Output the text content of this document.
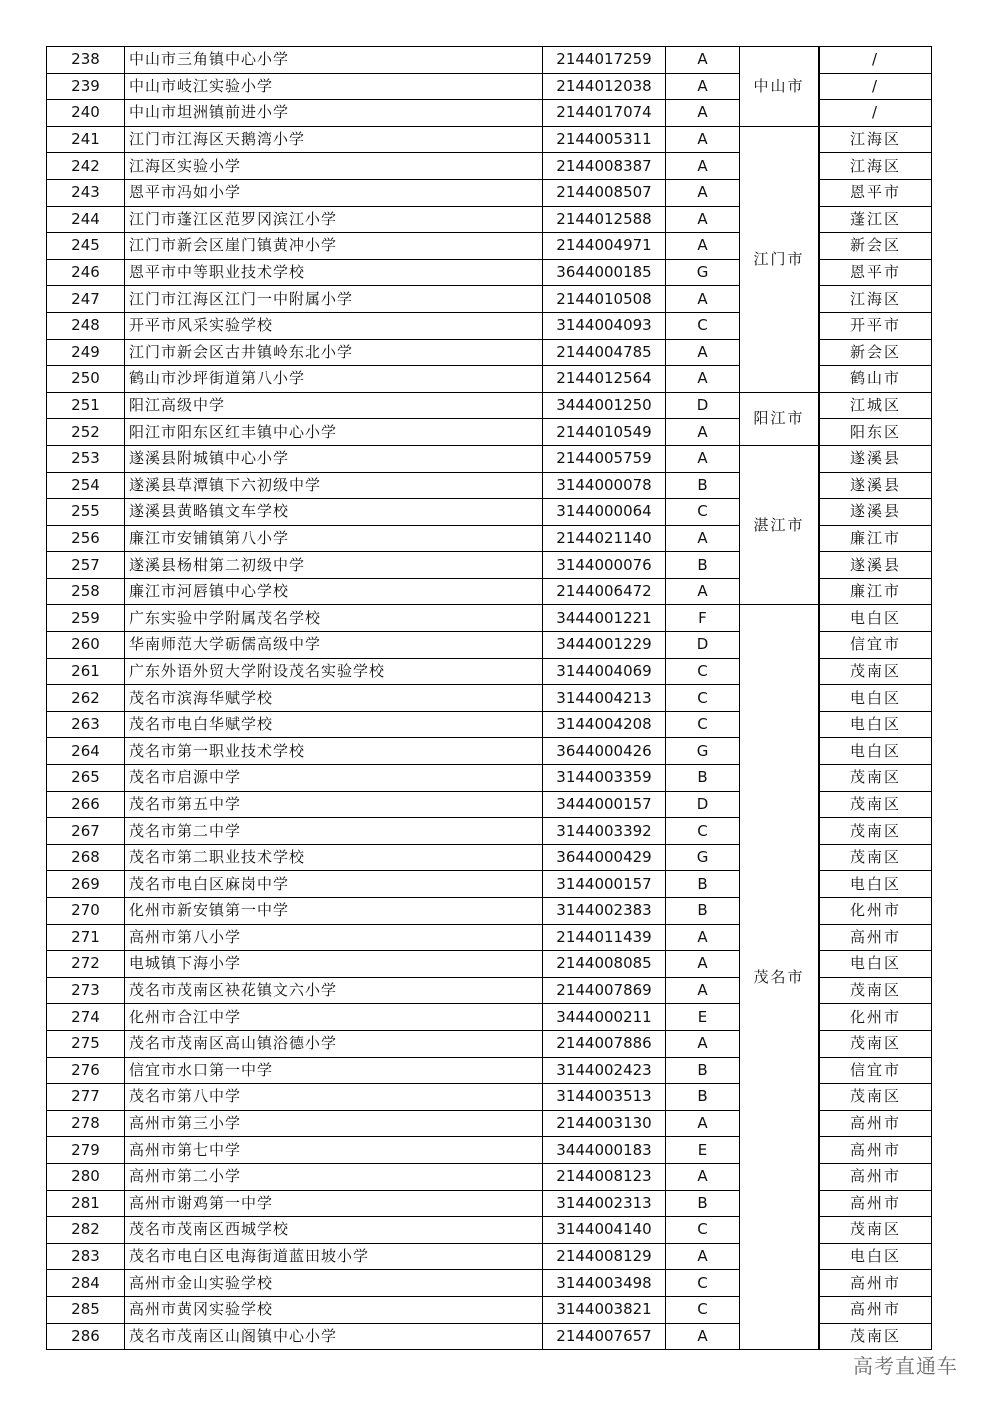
238	中山市三角镇中心小学	2144017259	A	中山市		/
239	中山市岐江实验小学	2144012038	A		/
240	中山市坦洲镇前进小学	2144017074	A		/
241	江门市江海区天鹅湾小学	2144005311	A	江门市		江海区
242	江海区实验小学	2144008387	A		江海区
243	恩平市冯如小学	2144008507	A		恩平市
244	江门市蓬江区范罗冈滨江小学	2144012588	A		蓬江区
245	江门市新会区崖门镇黄冲小学	2144004971	A		新会区
246	恩平市中等职业技术学校	3644000185	G		恩平市
247	江门市江海区江门一中附属小学	2144010508	A		江海区
248	开平市风采实验学校	3144004093	C		开平市
249	江门市新会区古井镇岭东北小学	2144004785	A		新会区
250	鹤山市沙坪街道第八小学	2144012564	A		鹤山市
251	阳江高级中学	3444001250	D	阳江市		江城区
252	阳江市阳东区红丰镇中心小学	2144010549	A		阳东区
253	遂溪县附城镇中心小学	2144005759	A	湛江市		遂溪县
254	遂溪县草潭镇下六初级中学	3144000078	B		遂溪县
255	遂溪县黄略镇文车学校	3144000064	C		遂溪县
256	廉江市安铺镇第八小学	2144021140	A		廉江市
257	遂溪县杨柑第二初级中学	3144000076	B		遂溪县
258	廉江市河唇镇中心学校	2144006472	A		廉江市
259	广东实验中学附属茂名学校	3444001221	F	茂名市		电白区
260	华南师范大学砺儒高级中学	3444001229	D		信宜市
261	广东外语外贸大学附设茂名实验学校	3144004069	C		茂南区
262	茂名市滨海华赋学校	3144004213	C		电白区
263	茂名市电白华赋学校	3144004208	C		电白区
264	茂名市第一职业技术学校	3644000426	G		电白区
265	茂名市启源中学	3144003359	B		茂南区
266	茂名市第五中学	3444000157	D		茂南区
267	茂名市第二中学	3144003392	C		茂南区
268	茂名市第二职业技术学校	3644000429	G		茂南区
269	茂名市电白区麻岗中学	3144000157	B		电白区
270	化州市新安镇第一中学	3144002383	B		化州市
271	高州市第八小学	2144011439	A		高州市
272	电城镇下海小学	2144008085	A		电白区
273	茂名市茂南区袂花镇文六小学	2144007869	A		茂南区
274	化州市合江中学	3444000211	E		化州市
275	茂名市茂南区高山镇浴德小学	2144007886	A		茂南区
276	信宜市水口第一中学	3144002423	B		信宜市
277	茂名市第八中学	3144003513	B		茂南区
278	高州市第三小学	2144003130	A		高州市
279	高州市第七中学	3444000183	E		高州市
280	高州市第二小学	2144008123	A		高州市
281	高州市谢鸡第一中学	3144002313	B		高州市
282	茂名市茂南区西城学校	3144004140	C		茂南区
283	茂名市电白区电海街道蓝田坡小学	2144008129	A		电白区
284	高州市金山实验学校	3144003498	C		高州市
285	高州市黄冈实验学校	3144003821	C		高州市
286	茂名市茂南区山阁镇中心小学	2144007657	A		茂南区
高考直通车
